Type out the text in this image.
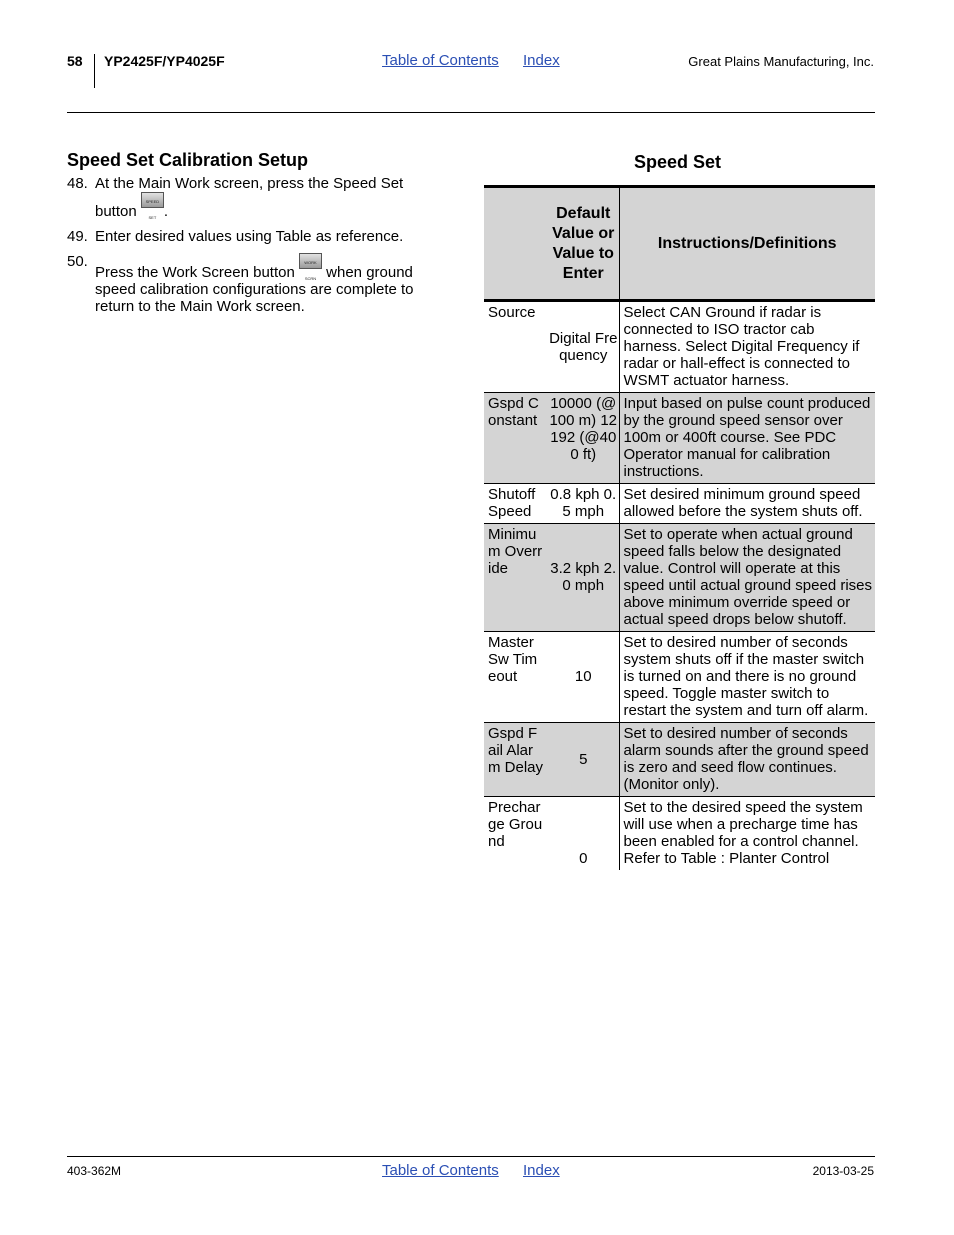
58 YP2425F/YP4025F	Table of Contents Index	Great Plains Manufacturing, Inc.
Speed Set Calibration Setup
48. At the Main Work screen, press the Speed Set button SPEED SET .
49. Enter desired values using Table as reference.
50.
Press the Work Screen button WORK SCRN when ground speed calibration configurations are complete to return to the Main Work screen.
Speed Set
	Default Value or Value to Enter	Instructions/Definitions
Source	Digital Frequency	Select CAN Ground if radar is connected to ISO tractor cab harness. Select Digital Frequency if radar or hall-effect is connected to WSMT actuator harness.
Gspd Constant	10000 (@100 m) 12192 (@400 ft)	Input based on pulse count produced by the ground speed sensor over 100m or 400ft course. See PDC Operator manual for calibration instructions.
Shutoff Speed	0.8 kph 0.5 mph	Set desired minimum ground speed allowed before the system shuts off.
Minimum Override	3.2 kph 2.0 mph	Set to operate when actual ground speed falls below the designated value. Control will operate at this speed until actual ground speed rises above minimum override speed or actual speed drops below shutoff.
Master Sw Timeout	10	Set to desired number of seconds system shuts off if the master switch is turned on and there is no ground speed. Toggle master switch to restart the system and turn off alarm.
Gspd Fail Alarm Delay	5	Set to desired number of seconds alarm sounds after the ground speed is zero and seed flow continues. (Monitor only).
Precharge Ground	0	Set to the desired speed the system will use when a precharge time has been enabled for a control channel. Refer to Table : Planter Control
403-362M	Table of Contents Index	2013-03-25
